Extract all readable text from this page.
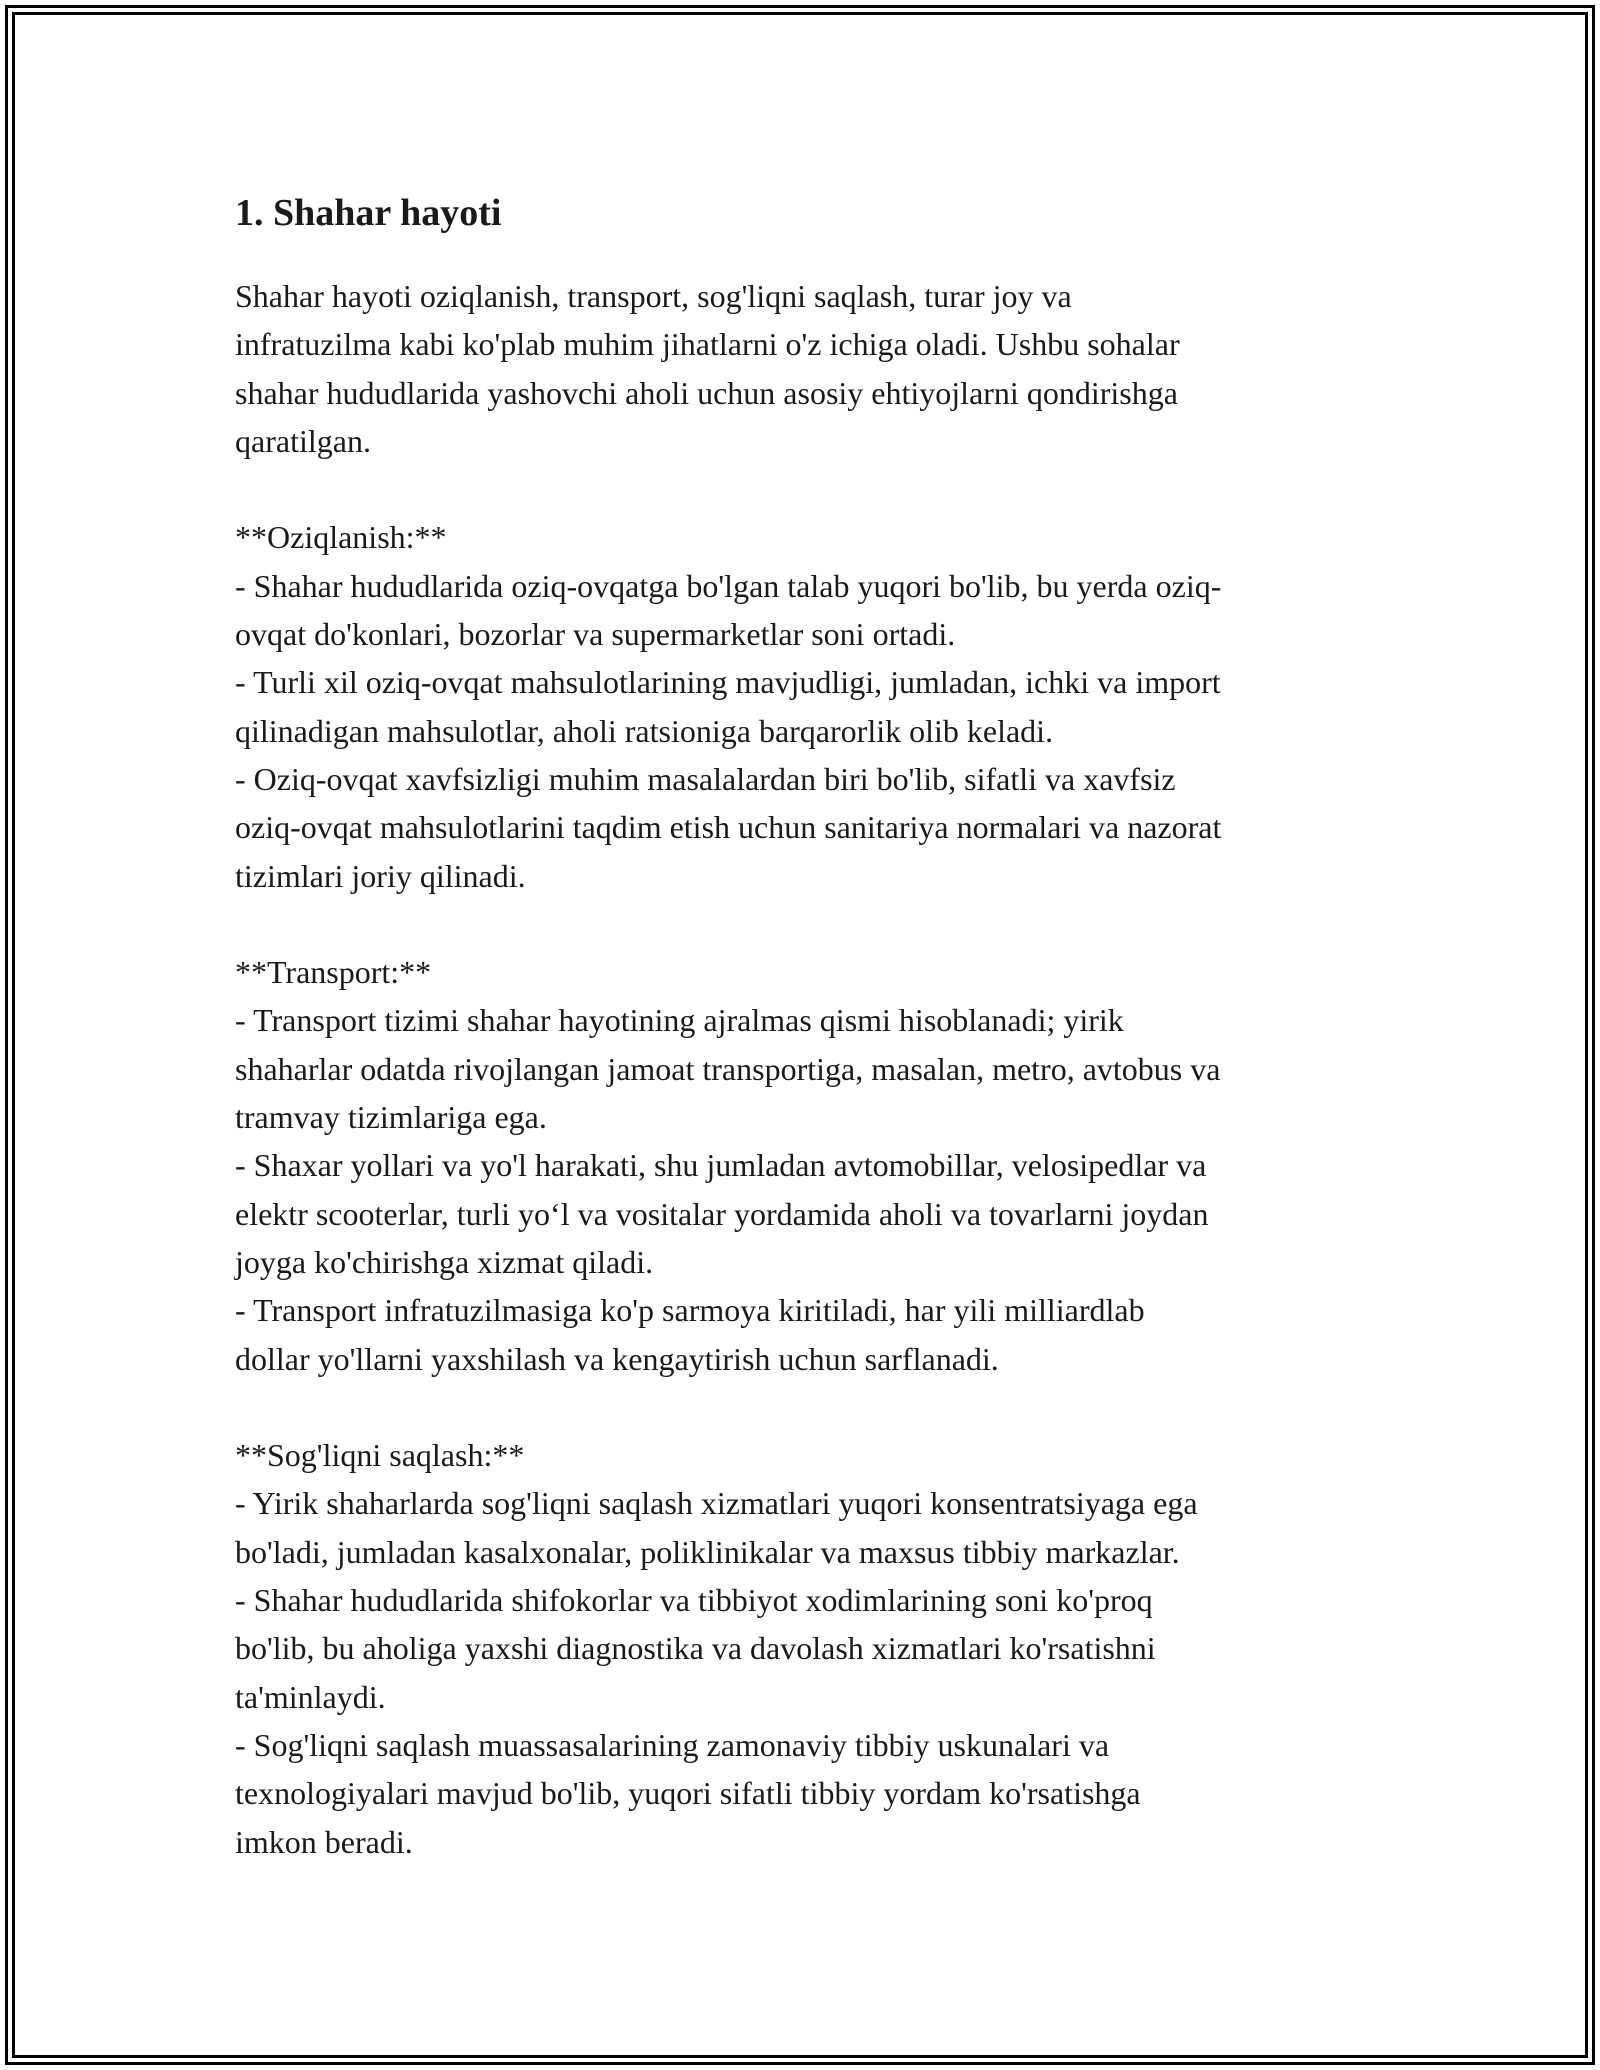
1. Shahar hayoti

Shahar hayoti oziqlanish, transport, sog'liqni saqlash, turar joy va
infratuzilma kabi ko'plab muhim jihatlarni o'z ichiga oladi. Ushbu sohalar
shahar hududlarida yashovchi aholi uchun asosiy ehtiyojlarni qondirishga
qaratilgan.

**Oziqlanish:**
- Shahar hududlarida oziq-ovqatga bo'lgan talab yuqori bo'lib, bu yerda oziq-
ovqat do'konlari, bozorlar va supermarketlar soni ortadi.
- Turli xil oziq-ovqat mahsulotlarining mavjudligi, jumladan, ichki va import
qilinadigan mahsulotlar, aholi ratsioniga barqarorlik olib keladi.
- Oziq-ovqat xavfsizligi muhim masalalardan biri bo'lib, sifatli va xavfsiz
oziq-ovqat mahsulotlarini taqdim etish uchun sanitariya normalari va nazorat
tizimlari joriy qilinadi.
**Transport:**
- Transport tizimi shahar hayotining ajralmas qismi hisoblanadi; yirik
shaharlar odatda rivojlangan jamoat transportiga, masalan, metro, avtobus va
tramvay tizimlariga ega.
- Shaxar yollari va yo'l harakati, shu jumladan avtomobillar, velosipedlar va
elektr scooterlar, turli yo‘l va vositalar yordamida aholi va tovarlarni joydan
joyga ko'chirishga xizmat qiladi.
- Transport infratuzilmasiga ko'p sarmoya kiritiladi, har yili milliardlab
dollar yo'llarni yaxshilash va kengaytirish uchun sarflanadi.
**Sog'liqni saqlash:**
- Yirik shaharlarda sog'liqni saqlash xizmatlari yuqori konsentratsiyaga ega
bo'ladi, jumladan kasalxonalar, poliklinikalar va maxsus tibbiy markazlar.
- Shahar hududlarida shifokorlar va tibbiyot xodimlarining soni ko'proq
bo'lib, bu aholiga yaxshi diagnostika va davolash xizmatlari ko'rsatishni
ta'minlaydi.
- Sog'liqni saqlash muassasalarining zamonaviy tibbiy uskunalari va
texnologiyalari mavjud bo'lib, yuqori sifatli tibbiy yordam ko'rsatishga
imkon beradi.
